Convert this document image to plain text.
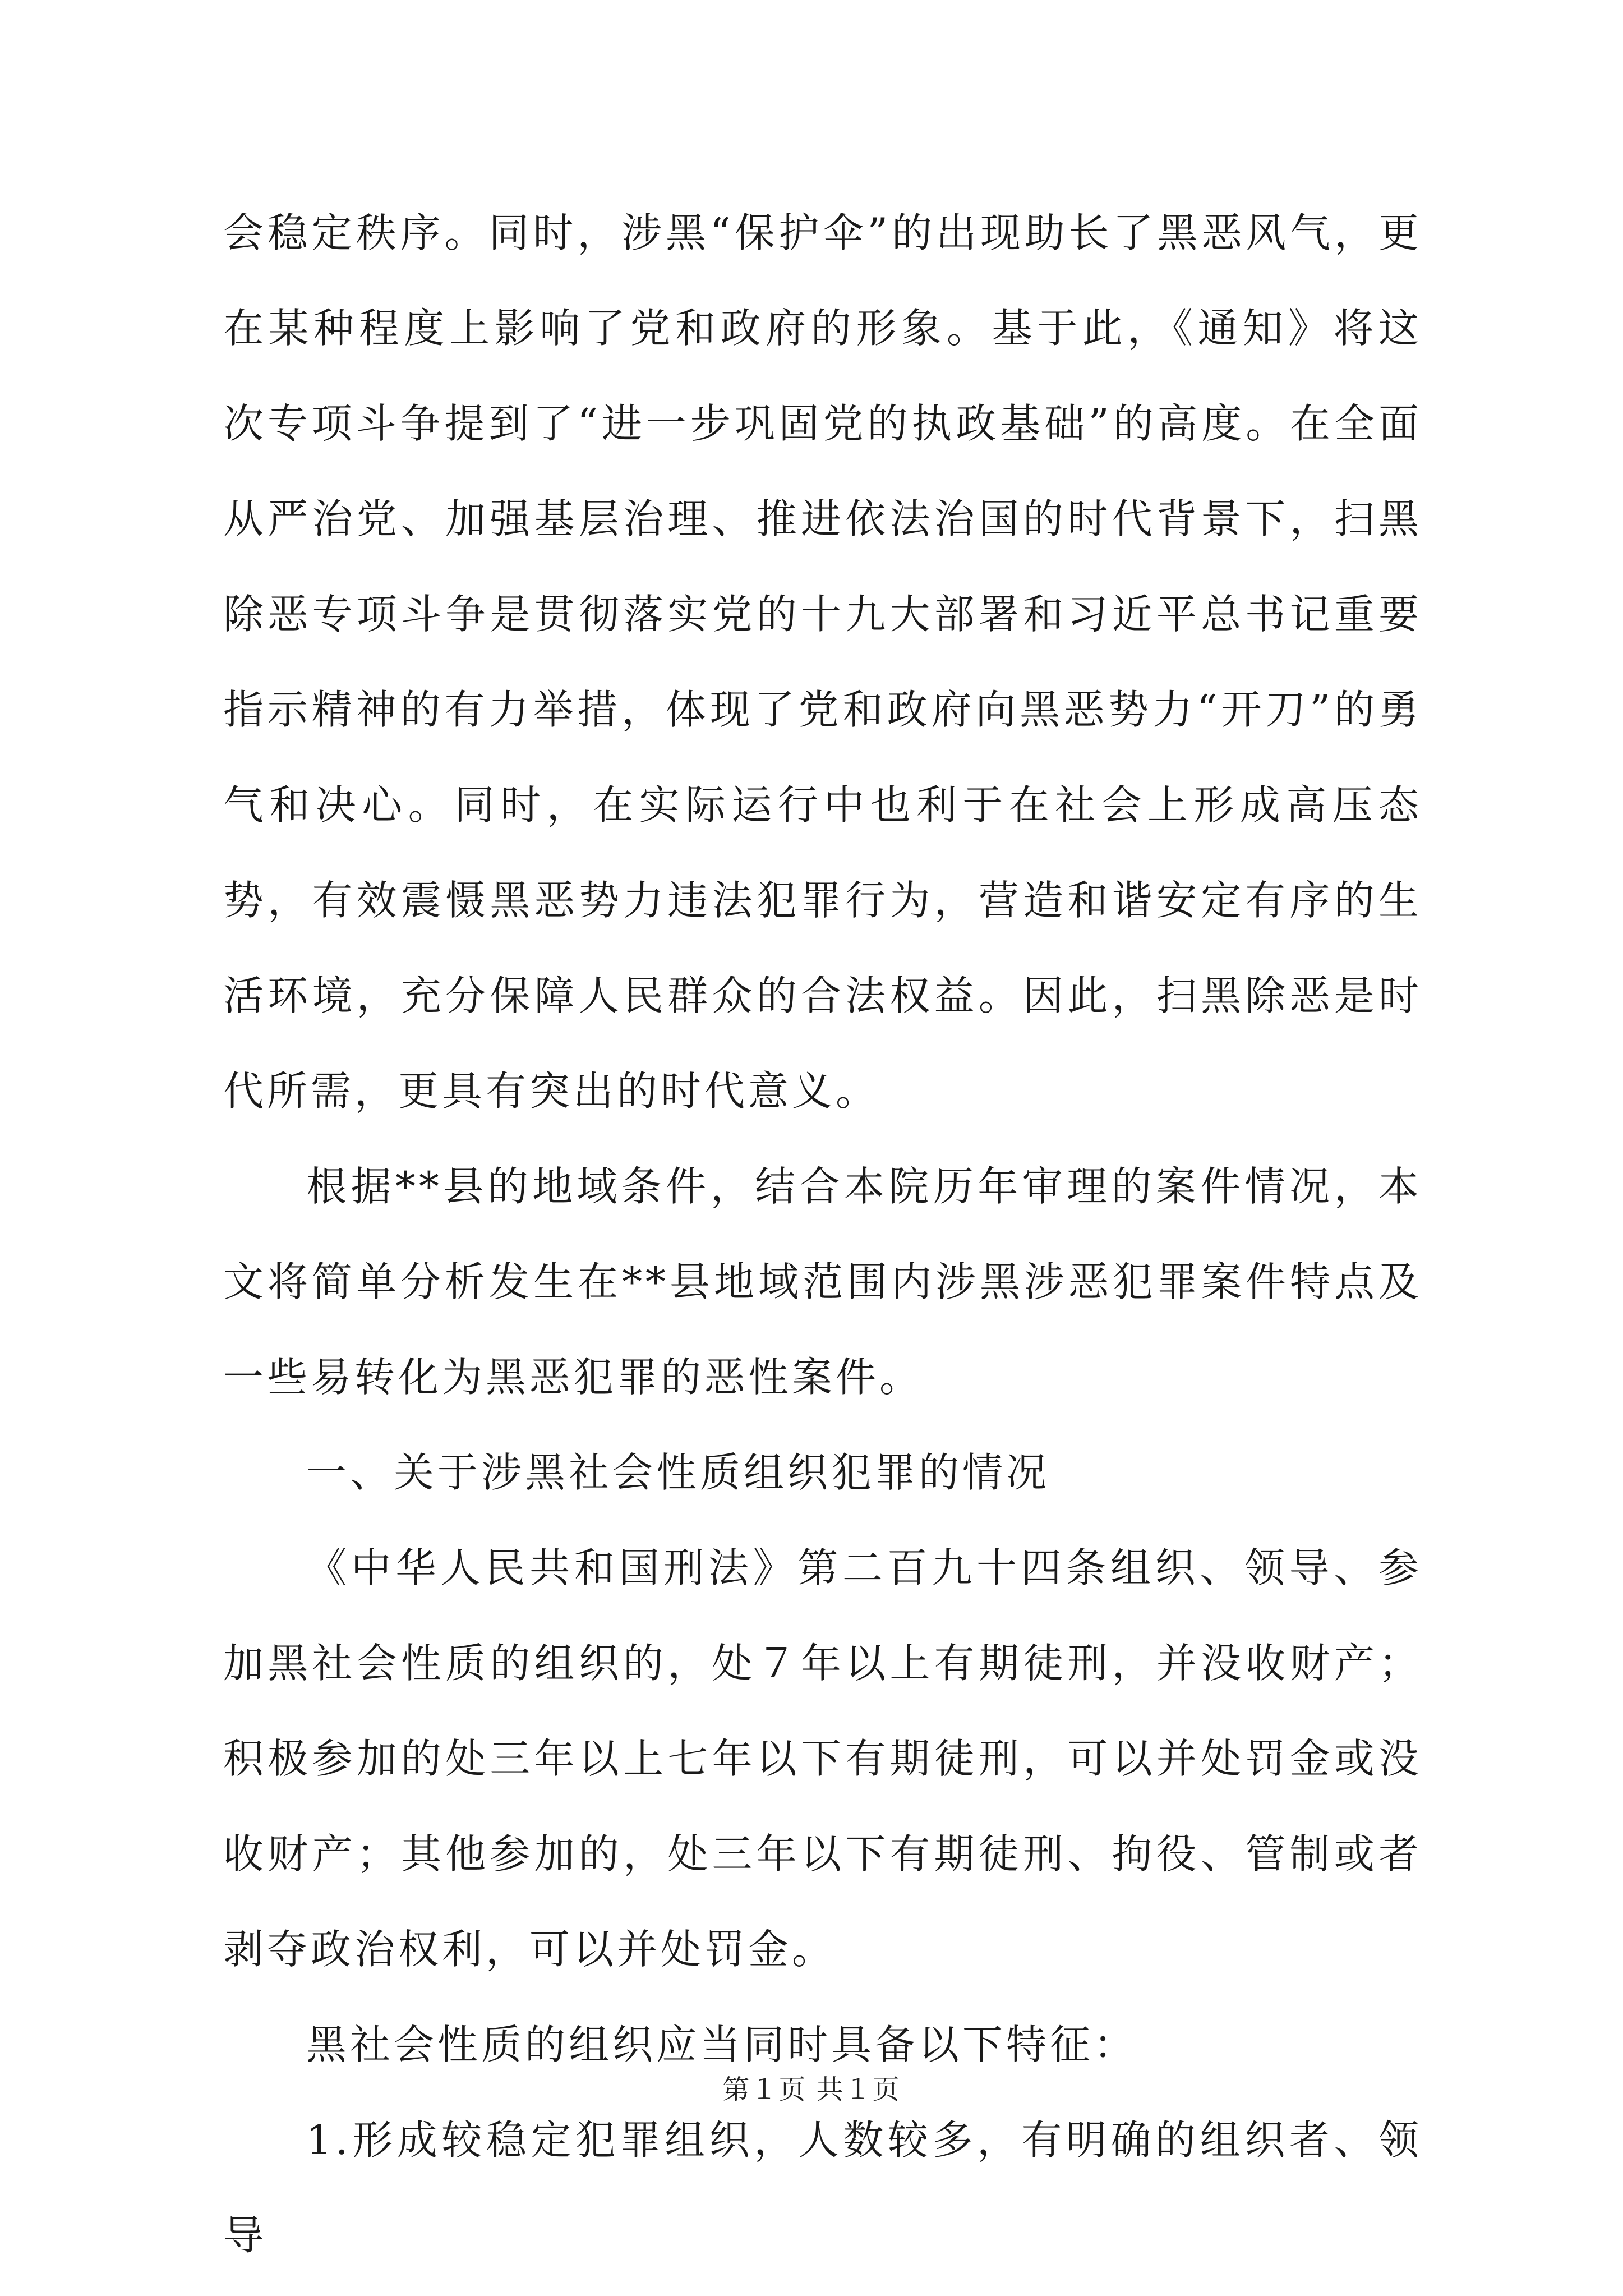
会稳定秩序。同时，涉黑“保护伞”的出现助长了黑恶风气，更在某种程度上影响了党和政府的形象。基于此，《通知》将这次专项斗争提到了“进一步巩固党的执政基础”的高度。在全面从严治党、加强基层治理、推进依法治国的时代背景下，扫黑除恶专项斗争是贯彻落实党的十九大部署和习近平总书记重要指示精神的有力举措，体现了党和政府向黑恶势力“开刀”的勇气和决心。同时，在实际运行中也利于在社会上形成高压态势，有效震慑黑恶势力违法犯罪行为，营造和谐安定有序的生活环境，充分保障人民群众的合法权益。因此，扫黑除恶是时代所需，更具有突出的时代意义。

根据**县的地域条件，结合本院历年审理的案件情况，本文将简单分析发生在**县地域范围内涉黑涉恶犯罪案件特点及一些易转化为黑恶犯罪的恶性案件。

一、关于涉黑社会性质组织犯罪的情况

《中华人民共和国刑法》第二百九十四条组织、领导、参加黑社会性质的组织的，处７年以上有期徒刑，并没收财产；积极参加的处三年以上七年以下有期徒刑，可以并处罚金或没收财产；其他参加的，处三年以下有期徒刑、拘役、管制或者剥夺政治权利，可以并处罚金。

黑社会性质的组织应当同时具备以下特征：

1.形成较稳定犯罪组织，人数较多，有明确的组织者、领导

第１页 共１页
